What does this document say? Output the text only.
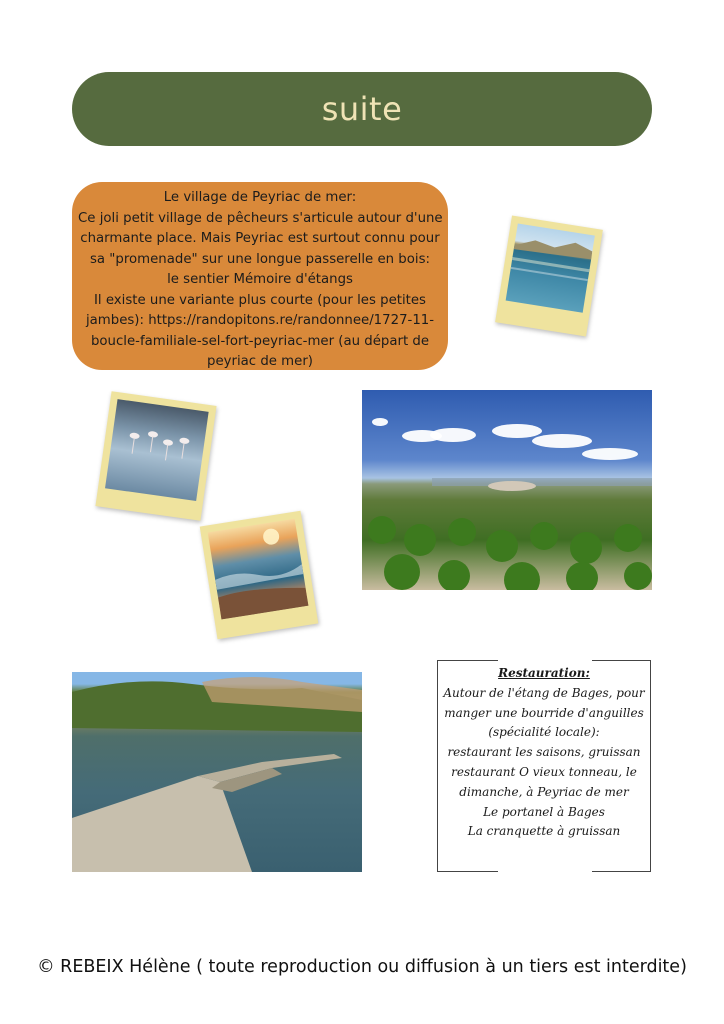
suite
Le village de Peyriac de mer:
Ce joli petit village de pêcheurs s'articule autour d'une
charmante place. Mais Peyriac est surtout connu pour
sa "promenade" sur une longue passerelle en bois:
le sentier Mémoire d'étangs
Il existe une variante plus courte (pour les petites
jambes): https://randopitons.re/randonnee/1727-11-
boucle-familiale-sel-fort-peyriac-mer (au départ de
peyriac de mer)
Restauration:
Autour de l'étang de Bages, pour
manger une bourride d'anguilles
(spécialité locale):
restaurant les saisons, gruissan
restaurant O vieux tonneau, le
dimanche, à Peyriac de mer
Le portanel à Bages
La cranquette à gruissan
© REBEIX Hélène ( toute reproduction ou diffusion à un tiers est interdite)
